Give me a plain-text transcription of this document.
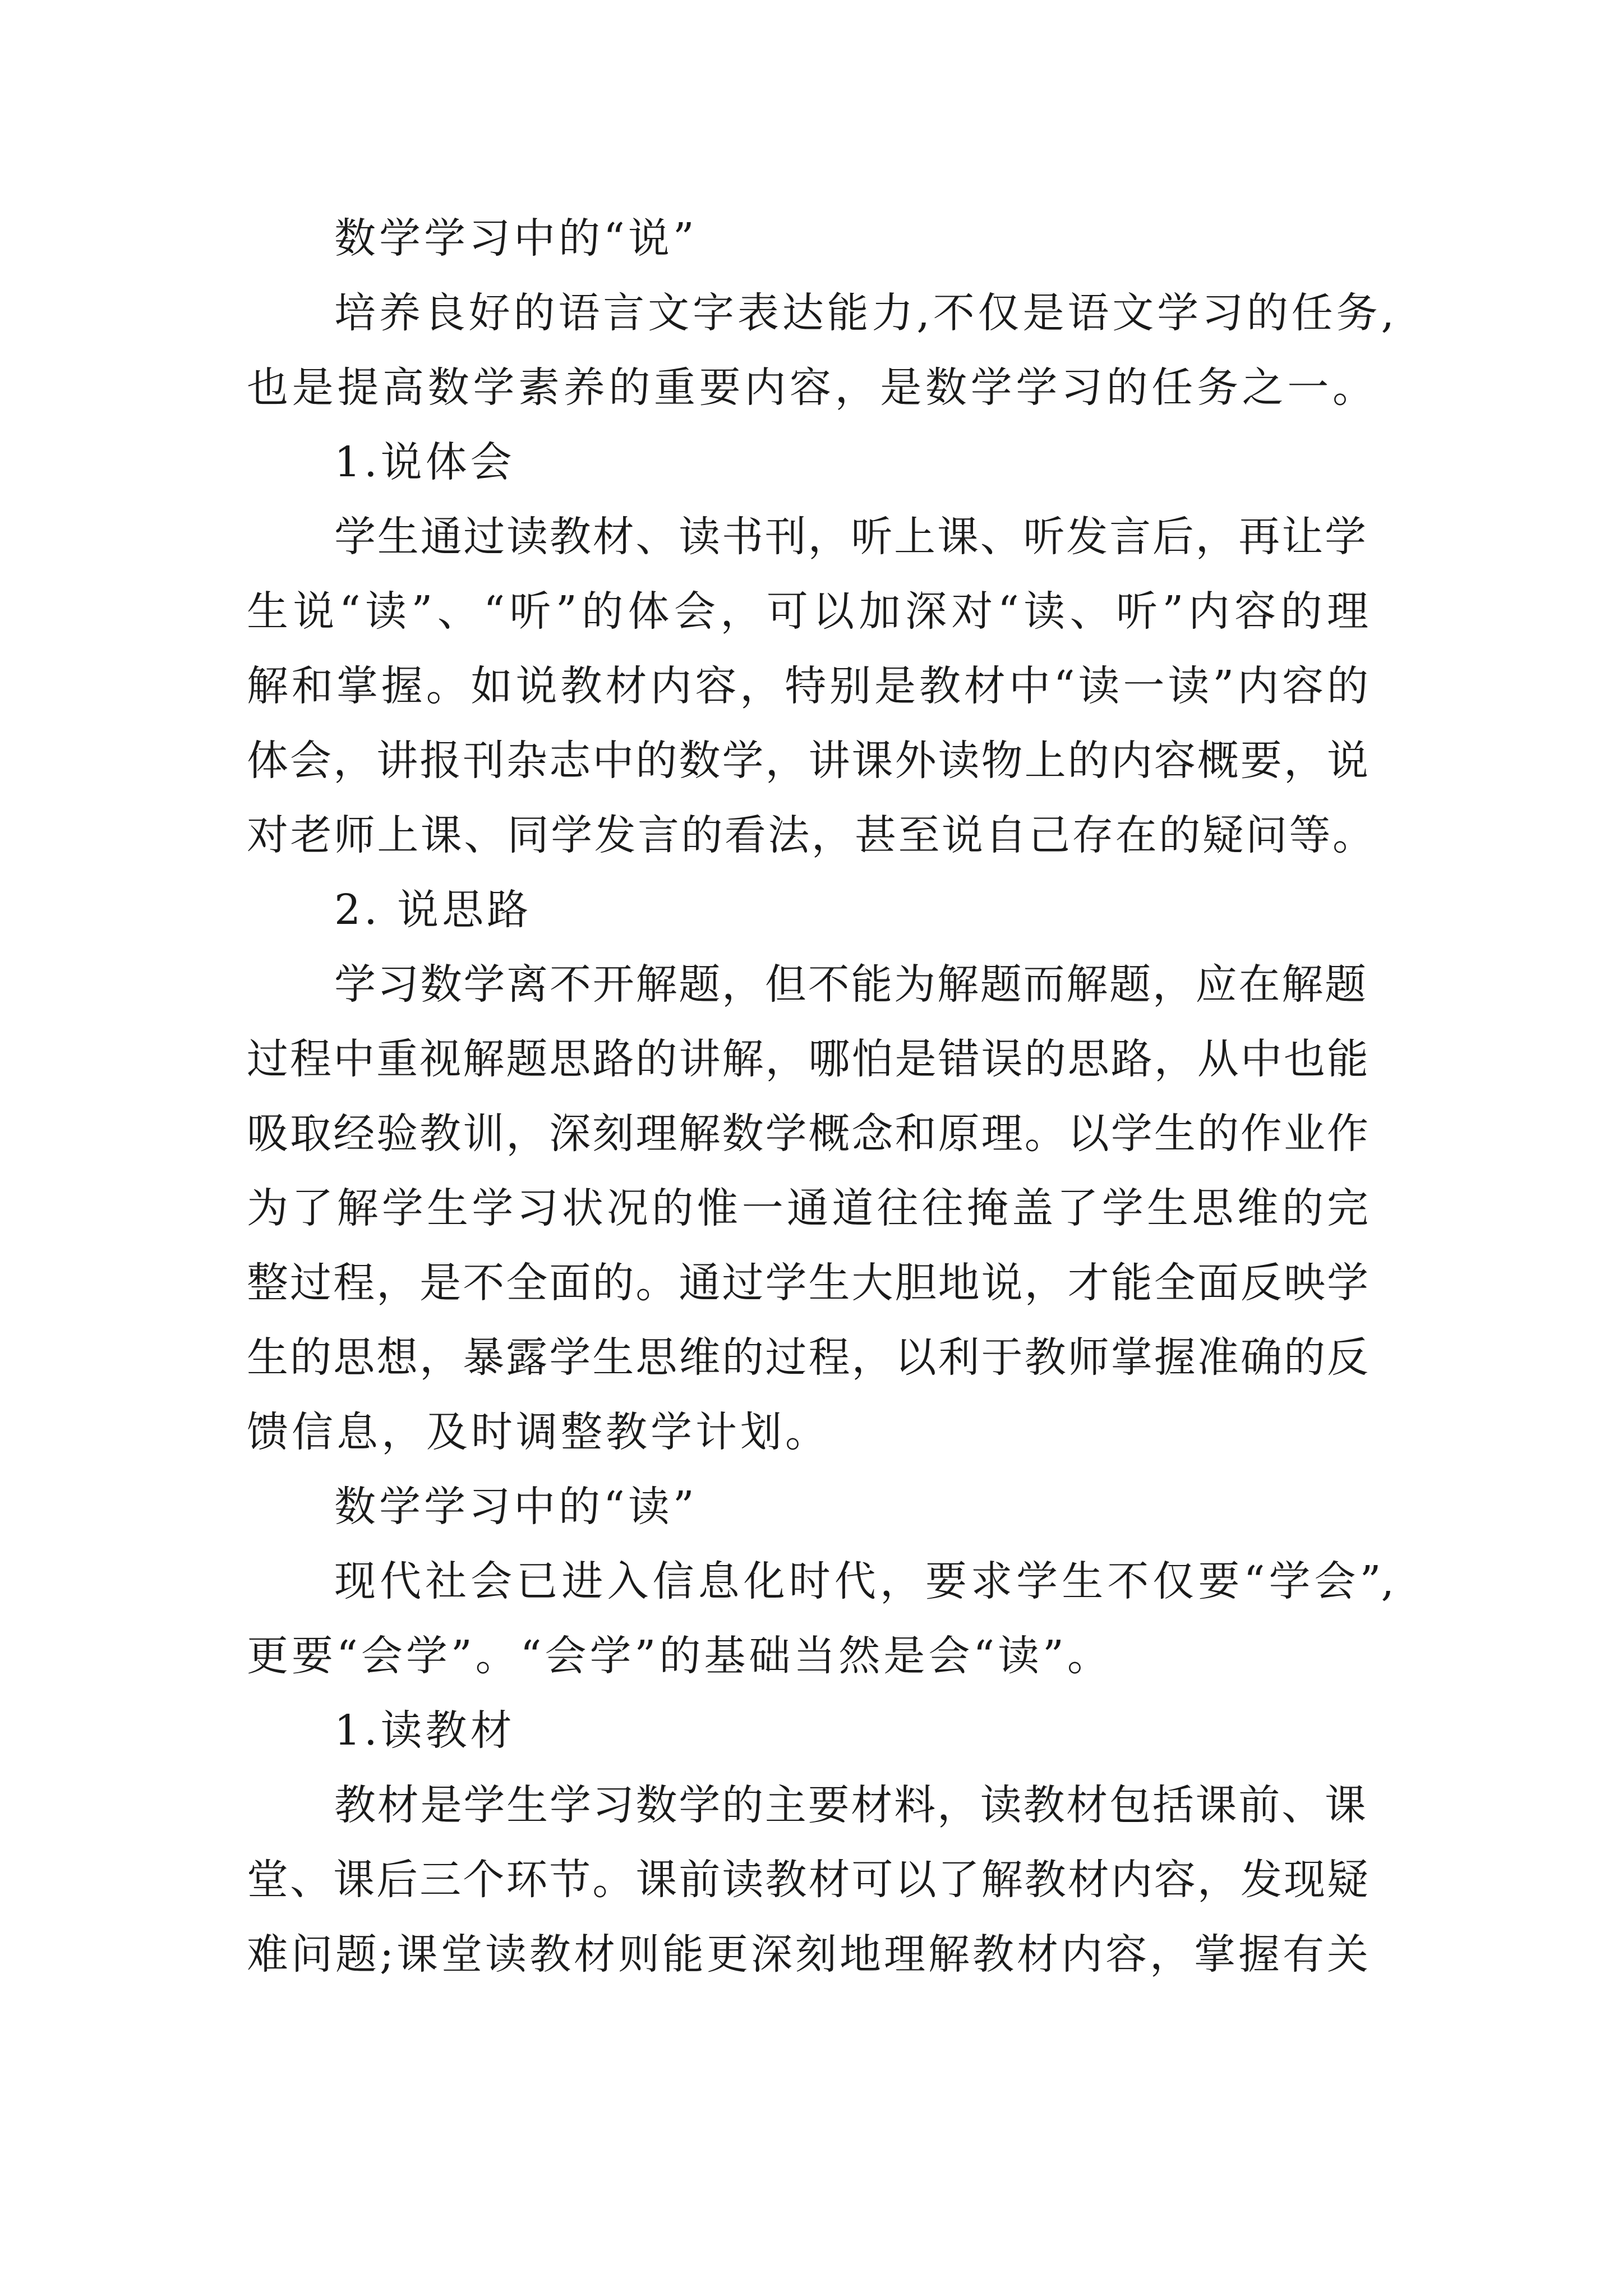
数学学习中的“说”
培养良好的语言文字表达能力,不仅是语文学习的任务,
也是提高数学素养的重要内容，是数学学习的任务之一。
1.说体会
学生通过读教材、读书刊，听上课、听发言后，再让学
生说“读”、“听”的体会，可以加深对“读、听”内容的理
解和掌握。如说教材内容，特别是教材中“读一读”内容的
体会，讲报刊杂志中的数学，讲课外读物上的内容概要，说
对老师上课、同学发言的看法，甚至说自己存在的疑问等。
2. 说思路
学习数学离不开解题，但不能为解题而解题，应在解题
过程中重视解题思路的讲解，哪怕是错误的思路，从中也能
吸取经验教训，深刻理解数学概念和原理。以学生的作业作
为了解学生学习状况的惟一通道往往掩盖了学生思维的完
整过程，是不全面的。通过学生大胆地说，才能全面反映学
生的思想，暴露学生思维的过程，以利于教师掌握准确的反
馈信息，及时调整教学计划。
数学学习中的“读”
现代社会已进入信息化时代，要求学生不仅要“学会”,
更要“会学”。“会学”的基础当然是会“读”。
1.读教材
教材是学生学习数学的主要材料，读教材包括课前、课
堂、课后三个环节。课前读教材可以了解教材内容，发现疑
难问题;课堂读教材则能更深刻地理解教材内容，掌握有关
